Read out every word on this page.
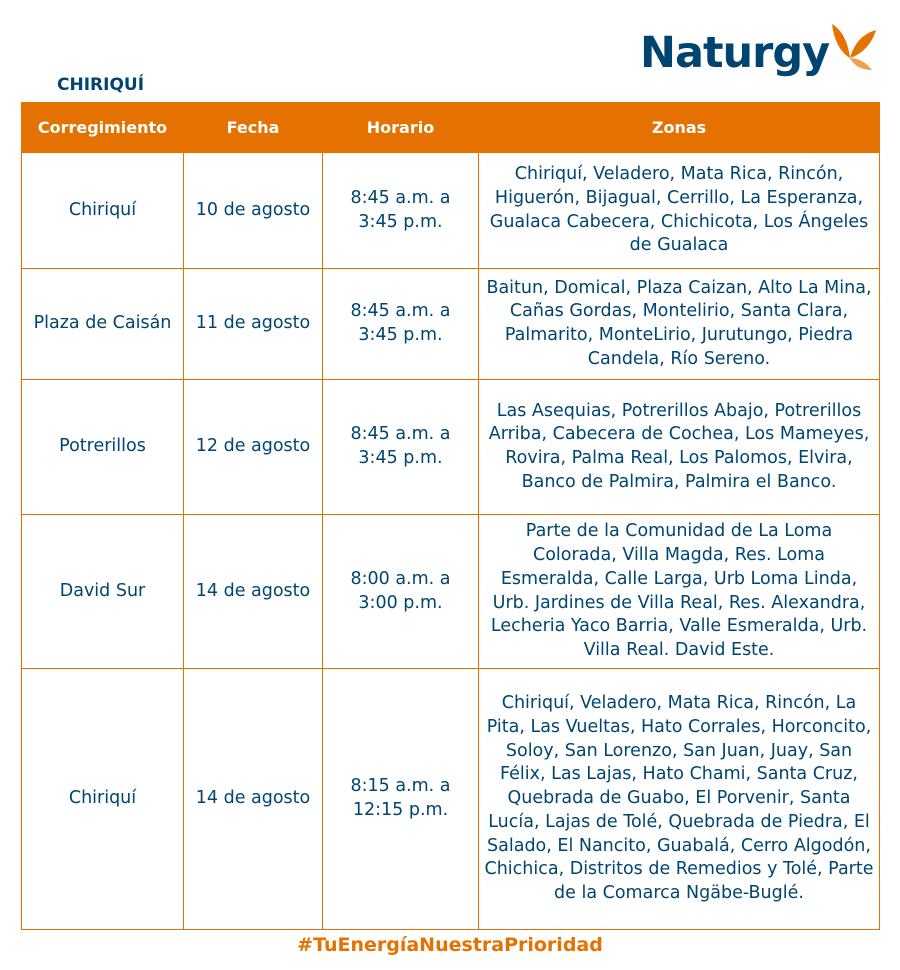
Naturgy
CHIRIQUÍ
Corregimiento	Fecha	Horario	Zonas
Chiriquí	10 de agosto	8:45 a.m. a 3:45 p.m.	Chiriquí, Veladero, Mata Rica, Rincón, Higuerón, Bijagual, Cerrillo, La Esperanza, Gualaca Cabecera, Chichicota, Los Ángeles de Gualaca
Plaza de Caisán	11 de agosto	8:45 a.m. a 3:45 p.m.	Baitun, Domical, Plaza Caizan, Alto La Mina, Cañas Gordas, Montelirio, Santa Clara, Palmarito, MonteLirio, Jurutungo, Piedra Candela, Río Sereno.
Potrerillos	12 de agosto	8:45 a.m. a 3:45 p.m.	Las Asequias, Potrerillos Abajo, Potrerillos Arriba, Cabecera de Cochea, Los Mameyes, Rovira, Palma Real, Los Palomos, Elvira, Banco de Palmira, Palmira el Banco.
David Sur	14 de agosto	8:00 a.m. a 3:00 p.m.	Parte de la Comunidad de La Loma Colorada, Villa Magda, Res. Loma Esmeralda, Calle Larga, Urb Loma Linda, Urb. Jardines de Villa Real, Res. Alexandra, Lecheria Yaco Barria, Valle Esmeralda, Urb. Villa Real. David Este.
Chiriquí	14 de agosto	8:15 a.m. a 12:15 p.m.	Chiriquí, Veladero, Mata Rica, Rincón, La Pita, Las Vueltas, Hato Corrales, Horconcito, Soloy, San Lorenzo, San Juan, Juay, San Félix, Las Lajas, Hato Chami, Santa Cruz, Quebrada de Guabo, El Porvenir, Santa Lucía, Lajas de Tolé, Quebrada de Piedra, El Salado, El Nancito, Guabalá, Cerro Algodón, Chichica, Distritos de Remedios y Tolé, Parte de la Comarca Ngäbe-Buglé.
#TuEnergíaNuestraPrioridad
